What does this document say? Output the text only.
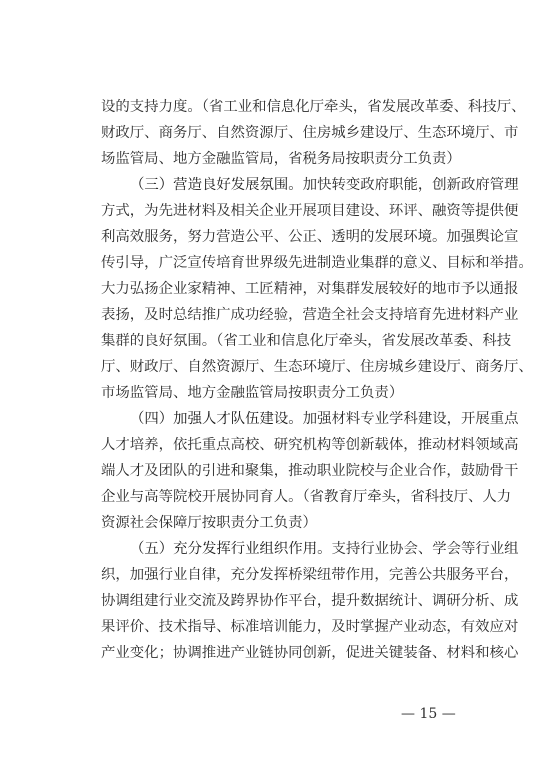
设的支持力度。（省工业和信息化厅牵头，省发展改革委、科技厅、
财政厅、商务厅、自然资源厅、住房城乡建设厅、生态环境厅、市
场监管局、地方金融监管局，省税务局按职责分工负责）
（三）营造良好发展氛围。加快转变政府职能，创新政府管理
方式，为先进材料及相关企业开展项目建设、环评、融资等提供便
利高效服务，努力营造公平、公正、透明的发展环境。加强舆论宣
传引导，广泛宣传培育世界级先进制造业集群的意义、目标和举措。
大力弘扬企业家精神、工匠精神，对集群发展较好的地市予以通报
表扬，及时总结推广成功经验，营造全社会支持培育先进材料产业
集群的良好氛围。（省工业和信息化厅牵头，省发展改革委、科技
厅、财政厅、自然资源厅、生态环境厅、住房城乡建设厅、商务厅、
市场监管局、地方金融监管局按职责分工负责）
（四）加强人才队伍建设。加强材料专业学科建设，开展重点
人才培养，依托重点高校、研究机构等创新载体，推动材料领域高
端人才及团队的引进和聚集，推动职业院校与企业合作，鼓励骨干
企业与高等院校开展协同育人。（省教育厅牵头，省科技厅、人力
资源社会保障厅按职责分工负责）
（五）充分发挥行业组织作用。支持行业协会、学会等行业组
织，加强行业自律，充分发挥桥梁纽带作用，完善公共服务平台，
协调组建行业交流及跨界协作平台，提升数据统计、调研分析、成
果评价、技术指导、标准培训能力，及时掌握产业动态，有效应对
产业变化；协调推进产业链协同创新，促进关键装备、材料和核心
— 15 —
